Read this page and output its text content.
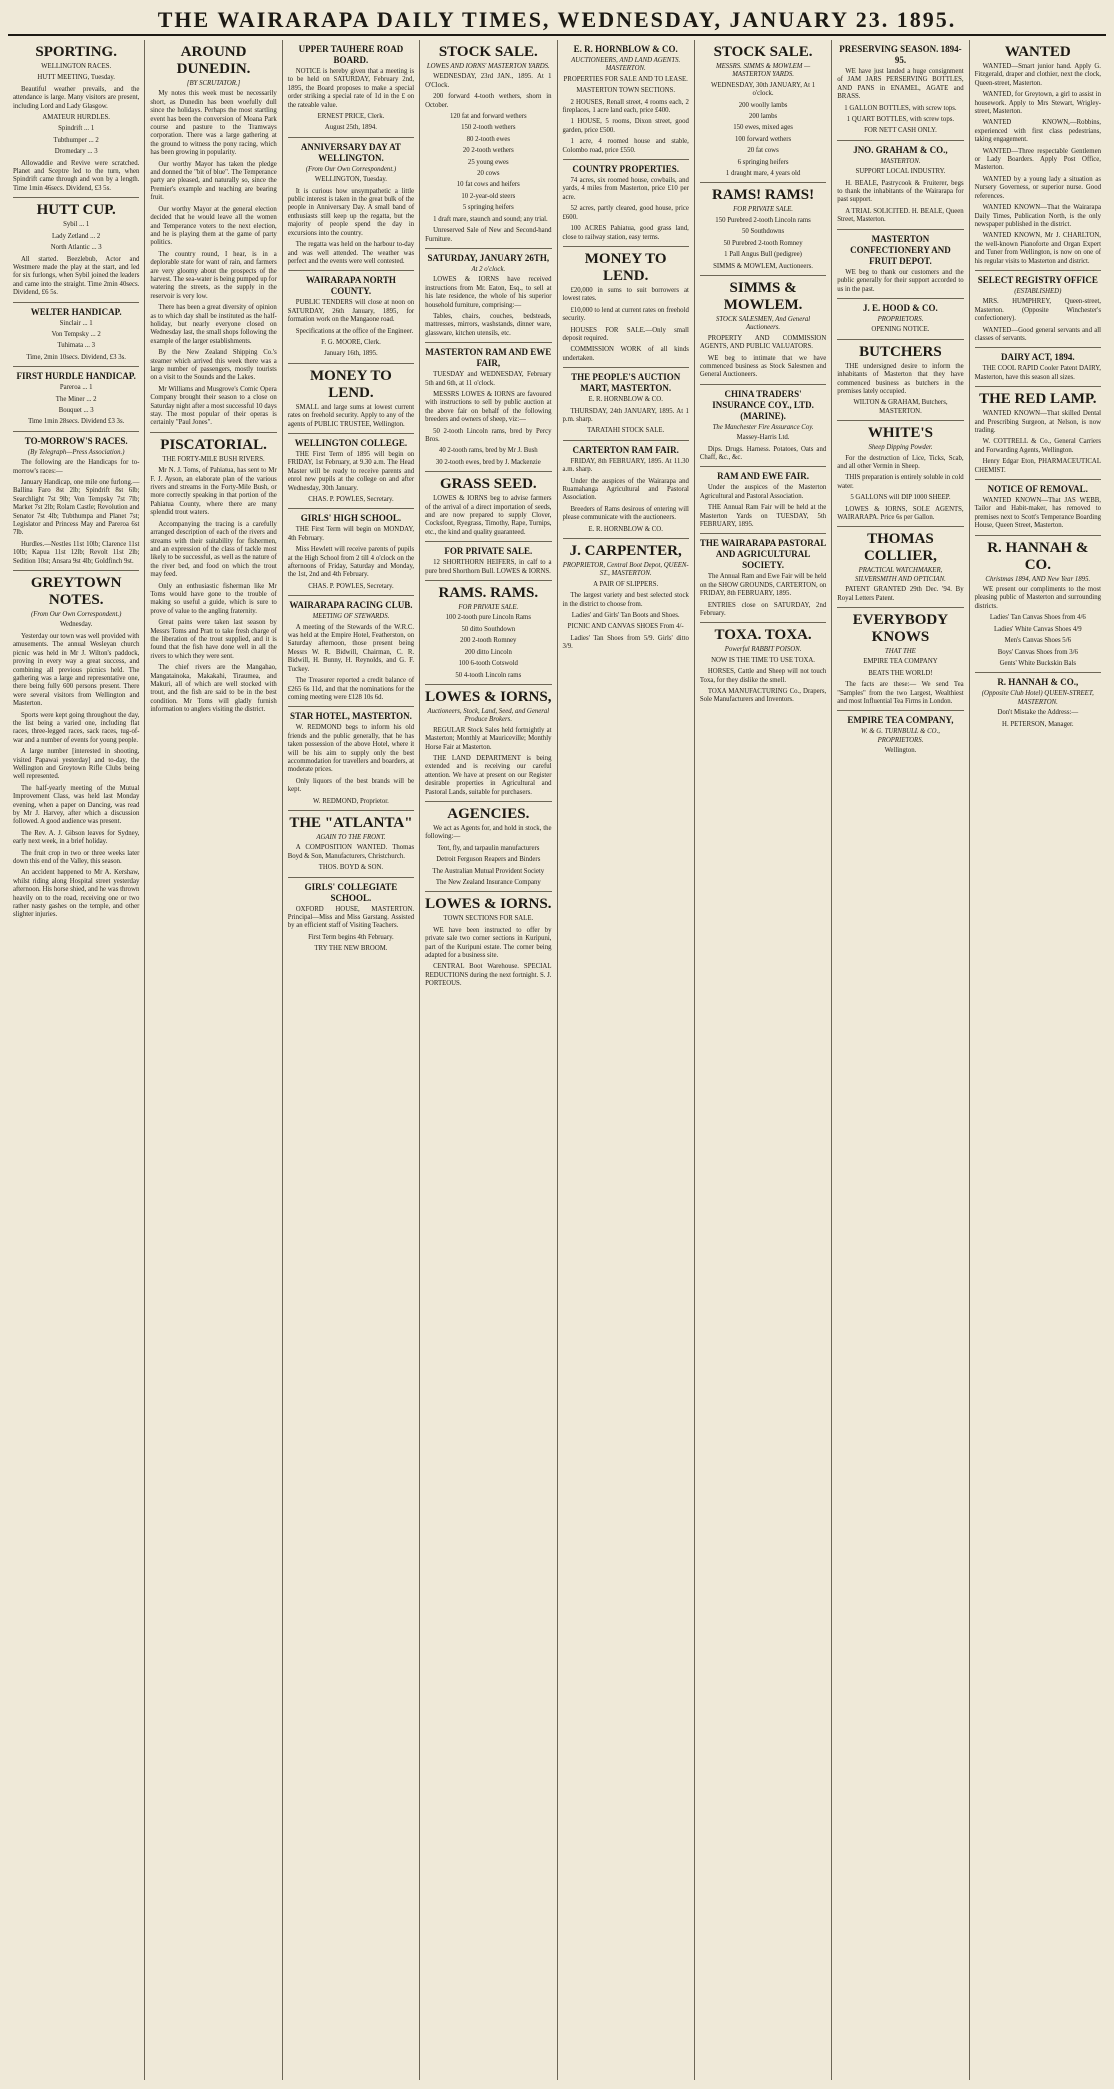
THE WAIRARAPA DAILY TIMES, WEDNESDAY, JANUARY 23. 1895.
SPORTING.

WELLINGTON RACES.

HUTT MEETING, Tuesday.

Beautiful weather prevails, and the attendance is large. Many visitors are present, including Lord and Lady Glasgow.

AMATEUR HURDLES.

Spindrift ... 1

Tubthumper ... 2

Dromedary ... 3

Allowaddie and Revive were scratched. Planet and Sceptre led to the turn, when Spindrift came through and won by a length. Time 1min 46secs. Dividend, £3 5s.

HUTT CUP.

Sybil ... 1

Lady Zetland ... 2

North Atlantic ... 3

All started. Beezlebub, Actor and Westmere made the play at the start, and led for six furlongs, when Sybil joined the leaders and came into the straight. Time 2min 40secs. Dividend, £6 5s.

WELTER HANDICAP.

Sinclair ... 1

Von Tempsky ... 2

Tuhimata ... 3

Time, 2min 10secs. Dividend, £3 3s.

FIRST HURDLE HANDICAP.

Pareroa ... 1

The Miner ... 2

Bouquet ... 3

Time 1min 28secs. Dividend £3 3s.

TO-MORROW'S RACES.
(By Telegraph—Press Association.)

The following are the Handicaps for to-morrow's races:—

January Handicap, one mile one furlong.—Ballina Faro 8st 2lb; Spindrift 8st 6lb; Searchlight 7st 9lb; Von Tempsky 7st 7lb; Market 7st 2lb; Rolam Castle; Revolution and Senator 7st 4lb; Tubthumpa and Planet 7st; Legislator and Princess May and Pareroa 6st 7lb.

Hurdles.—Nestles 11st 10lb; Clarence 11st 10lb; Kapua 11st 12lb; Revolt 11st 2lb; Sedition 10st; Ansara 9st 4lb; Goldfinch 9st.

GREYTOWN NOTES.
(From Our Own Correspondent.)

Wednesday.

Yesterday our town was well provided with amusements. The annual Wesleyan church picnic was held in Mr J. Wilton's paddock, proving in every way a great success, and combining all previous picnics held. The gathering was a large and representative one, there being fully 600 persons present. There were several visitors from Wellington and Masterton.

Sports were kept going throughout the day, the list being a varied one, including flat races, three-legged races, sack races, tug-of-war and a number of events for young people.

A large number [interested in shooting, visited Papawai yesterday] and to-day, the Wellington and Greytown Rifle Clubs being well represented.

The half-yearly meeting of the Mutual Improvement Class, was held last Monday evening, when a paper on Dancing, was read by Mr J. Harvey, after which a discussion followed. A good audience was present.

The Rev. A. J. Gibson leaves for Sydney, early next week, in a brief holiday.

The fruit crop in two or three weeks later down this end of the Valley, this season.

An accident happened to Mr A. Kershaw, whilst riding along Hospital street yesterday afternoon. His horse shied, and he was thrown heavily on to the road, receiving one or two rather nasty gashes on the temple, and other slighter injuries.

AROUND DUNEDIN.
[BY SCRUTATOR.]

My notes this week must be necessarily short, as Dunedin has been woefully dull since the holidays. Perhaps the most startling event has been the conversion of Moana Park course and pasture to the Tramways corporation. There was a large gathering at the ground to witness the pony racing, which has been growing in popularity.

Our worthy Mayor has taken the pledge and donned the "bit of blue". The Temperance party are pleased, and naturally so, since the Premier's example and teaching are bearing fruit.

Our worthy Mayor at the general election decided that he would leave all the women and Temperance voters to the next election, and he is playing them at the game of party politics.

The country round, I hear, is in a deplorable state for want of rain, and farmers are very gloomy about the prospects of the harvest. The sea-water is being pumped up for watering the streets, as the supply in the reservoir is very low.

There has been a great diversity of opinion as to which day shall be instituted as the half-holiday, but nearly everyone closed on Wednesday last, the small shops following the example of the larger establishments.

By the New Zealand Shipping Co.'s steamer which arrived this week there was a large number of passengers, mostly tourists on a visit to the Sounds and the Lakes.

Mr Williams and Musgrove's Comic Opera Company brought their season to a close on Saturday night after a most successful 10 days stay. The most popular of their operas is certainly "Paul Jones".

PISCATORIAL.

THE FORTY-MILE BUSH RIVERS.

Mr N. J. Toms, of Pahiatua, has sent to Mr F. J. Ayson, an elaborate plan of the various rivers and streams in the Forty-Mile Bush, or more correctly speaking in that portion of the Pahiatua County, where there are many splendid trout waters.

Accompanying the tracing is a carefully arranged description of each of the rivers and streams with their suitability for fishermen, and an expression of the class of tackle most likely to be successful, as well as the nature of the river bed, and food on which the trout may feed.

Only an enthusiastic fisherman like Mr Toms would have gone to the trouble of making so useful a guide, which is sure to prove of value to the angling fraternity.

Great pains were taken last season by Messrs Toms and Pratt to take fresh charge of the liberation of the trout supplied, and it is found that the fish have done well in all the rivers to which they were sent.

The chief rivers are the Mangahao, Mangatainoka, Makakahi, Tiraumea, and Makuri, all of which are well stocked with trout, and the fish are said to be in the best condition. Mr Toms will gladly furnish information to anglers visiting the district.

UPPER TAUHERE ROAD BOARD.

NOTICE is hereby given that a meeting is to be held on SATURDAY, February 2nd, 1895, the Board proposes to make a special order striking a special rate of 1d in the £ on the rateable value.

ERNEST PRICE, Clerk.

August 25th, 1894.

ANNIVERSARY DAY AT WELLINGTON.
(From Our Own Correspondent.)

WELLINGTON, Tuesday.

It is curious how unsympathetic a little public interest is taken in the great bulk of the people in Anniversary Day. A small band of enthusiasts still keep up the regatta, but the majority of people spend the day in excursions into the country.

The regatta was held on the harbour to-day and was well attended. The weather was perfect and the events were well contested.

WAIRARAPA NORTH COUNTY.

PUBLIC TENDERS will close at noon on SATURDAY, 26th January, 1895, for formation work on the Mangaone road.

Specifications at the office of the Engineer.

F. G. MOORE, Clerk.

January 16th, 1895.

MONEY TO LEND.

SMALL and large sums at lowest current rates on freehold security. Apply to any of the agents of PUBLIC TRUSTEE, Wellington.

WELLINGTON COLLEGE.

THE First Term of 1895 will begin on FRIDAY, 1st February, at 9.30 a.m. The Head Master will be ready to receive parents and enrol new pupils at the college on and after Wednesday, 30th January.

CHAS. P. POWLES, Secretary.

GIRLS' HIGH SCHOOL.

THE First Term will begin on MONDAY, 4th February.

Miss Hewlett will receive parents of pupils at the High School from 2 till 4 o'clock on the afternoons of Friday, Saturday and Monday, the 1st, 2nd and 4th February.

CHAS. P. POWLES, Secretary.

WAIRARAPA RACING CLUB.
MEETING OF STEWARDS.

A meeting of the Stewards of the W.R.C. was held at the Empire Hotel, Featherston, on Saturday afternoon, those present being Messrs W. R. Bidwill, Chairman, C. R. Bidwill, H. Bunny, H. Reynolds, and G. F. Tuckey.

The Treasurer reported a credit balance of £265 6s 11d, and that the nominations for the coming meeting were £128 10s 6d.

STAR HOTEL, MASTERTON.

W. REDMOND begs to inform his old friends and the public generally, that he has taken possession of the above Hotel, where it will be his aim to supply only the best accommodation for travellers and boarders, at moderate prices.

Only liquors of the best brands will be kept.

W. REDMOND, Proprietor.

THE "ATLANTA"
AGAIN TO THE FRONT.

A COMPOSITION WANTED. Thomas Boyd & Son, Manufacturers, Christchurch.

THOS. BOYD & SON.

GIRLS' COLLEGIATE SCHOOL.

OXFORD HOUSE, MASTERTON. Principal—Miss and Miss Garstang. Assisted by an efficient staff of Visiting Teachers.

First Term begins 4th February.

TRY THE NEW BROOM.

STOCK SALE.
LOWES AND IORNS' MASTERTON YARDS.

WEDNESDAY, 23rd JAN., 1895. At 1 O'Clock.

200 forward 4-tooth wethers, shorn in October.

120 fat and forward wethers

150 2-tooth wethers

80 2-tooth ewes

20 2-tooth wethers

25 young ewes

20 cows

10 fat cows and heifers

10 2-year-old steers

5 springing heifers

1 draft mare, staunch and sound; any trial.

Unreserved Sale of New and Second-hand Furniture.

SATURDAY, JANUARY 26TH,
At 2 o'clock.

LOWES & IORNS have received instructions from Mr. Eaton, Esq., to sell at his late residence, the whole of his superior household furniture, comprising:—

Tables, chairs, couches, bedsteads, mattresses, mirrors, washstands, dinner ware, glassware, kitchen utensils, etc.

MASTERTON RAM AND EWE FAIR,

TUESDAY and WEDNESDAY, February 5th and 6th, at 11 o'clock.

MESSRS LOWES & IORNS are favoured with instructions to sell by public auction at the above fair on behalf of the following breeders and owners of sheep, viz:—

50 2-tooth Lincoln rams, bred by Percy Bros.

40 2-tooth rams, bred by Mr J. Bush

30 2-tooth ewes, bred by J. Mackenzie

GRASS SEED.

LOWES & IORNS beg to advise farmers of the arrival of a direct importation of seeds, and are now prepared to supply Clover, Cocksfoot, Ryegrass, Timothy, Rape, Turnips, etc., the kind and quality guaranteed.

FOR PRIVATE SALE.

12 SHORTHORN HEIFERS, in calf to a pure bred Shorthorn Bull. LOWES & IORNS.

RAMS. RAMS.
FOR PRIVATE SALE.

100 2-tooth pure Lincoln Rams

50 ditto Southdown

200 2-tooth Romney

200 ditto Lincoln

100 6-tooth Cotswold

50 4-tooth Lincoln rams

LOWES & IORNS,
Auctioneers, Stock, Land, Seed, and General Produce Brokers.

REGULAR Stock Sales held fortnightly at Masterton; Monthly at Mauriceville; Monthly Horse Fair at Masterton.

THE LAND DEPARTMENT is being extended and is receiving our careful attention. We have at present on our Register desirable properties in Agricultural and Pastoral Lands, suitable for purchasers.

AGENCIES.

We act as Agents for, and hold in stock, the following:—

Tent, fly, and tarpaulin manufacturers

Detroit Ferguson Reapers and Binders

The Australian Mutual Provident Society

The New Zealand Insurance Company

LOWES & IORNS.

TOWN SECTIONS FOR SALE.

WE have been instructed to offer by private sale two corner sections in Kuripuni, part of the Kuripuni estate. The corner being adapted for a business site.

CENTRAL Boot Warehouse. SPECIAL REDUCTIONS during the next fortnight. S. J. PORTEOUS.

E. R. HORNBLOW & CO.
AUCTIONEERS, AND LAND AGENTS. MASTERTON.

PROPERTIES FOR SALE AND TO LEASE.

MASTERTON TOWN SECTIONS.

2 HOUSES, Renall street, 4 rooms each, 2 fireplaces, 1 acre land each, price £400.

1 HOUSE, 5 rooms, Dixon street, good garden, price £500.

1 acre, 4 roomed house and stable, Colombo road, price £550.

COUNTRY PROPERTIES.

74 acres, six roomed house, cowbails, and yards, 4 miles from Masterton, price £10 per acre.

52 acres, partly cleared, good house, price £600.

100 ACRES Pahiatua, good grass land, close to railway station, easy terms.

MONEY TO LEND.

£20,000 in sums to suit borrowers at lowest rates.

£10,000 to lend at current rates on freehold security.

HOUSES FOR SALE.—Only small deposit required.

COMMISSION WORK of all kinds undertaken.

THE PEOPLE'S AUCTION MART, MASTERTON.

E. R. HORNBLOW & CO.

THURSDAY, 24th JANUARY, 1895. At 1 p.m. sharp.

TARATAHI STOCK SALE.

CARTERTON RAM FAIR.

FRIDAY, 8th FEBRUARY, 1895. At 11.30 a.m. sharp.

Under the auspices of the Wairarapa and Ruamahanga Agricultural and Pastoral Association.

Breeders of Rams desirous of entering will please communicate with the auctioneers.

E. R. HORNBLOW & CO.

J. CARPENTER,
PROPRIETOR, Central Boot Depot, QUEEN-ST., MASTERTON.

A PAIR OF SLIPPERS.

The largest variety and best selected stock in the district to choose from.

Ladies' and Girls' Tan Boots and Shoes.

PICNIC AND CANVAS SHOES From 4/-

Ladies' Tan Shoes from 5/9. Girls' ditto 3/9.

STOCK SALE.
MESSRS. SIMMS & MOWLEM — MASTERTON YARDS.

WEDNESDAY, 30th JANUARY, At 1 o'clock.

200 woolly lambs

200 lambs

150 ewes, mixed ages

100 forward wethers

20 fat cows

6 springing heifers

1 draught mare, 4 years old

RAMS! RAMS!
FOR PRIVATE SALE.

150 Purebred 2-tooth Lincoln rams

50 Southdowns

50 Purebred 2-tooth Romney

1 Pall Angus Bull (pedigree)

SIMMS & MOWLEM, Auctioneers.

SIMMS & MOWLEM.
STOCK SALESMEN, And General Auctioneers.

PROPERTY AND COMMISSION AGENTS, AND PUBLIC VALUATORS.

WE beg to intimate that we have commenced business as Stock Salesmen and General Auctioneers.

CHINA TRADERS' INSURANCE COY., LTD. (MARINE).
The Manchester Fire Assurance Coy.

Massey-Harris Ltd.

Dips. Drugs. Harness. Potatoes, Oats and Chaff, &c., &c.

RAM AND EWE FAIR.

Under the auspices of the Masterton Agricultural and Pastoral Association.

THE Annual Ram Fair will be held at the Masterton Yards on TUESDAY, 5th FEBRUARY, 1895.

THE WAIRARAPA PASTORAL AND AGRICULTURAL SOCIETY.

The Annual Ram and Ewe Fair will be held on the SHOW GROUNDS, CARTERTON, on FRIDAY, 8th FEBRUARY, 1895.

ENTRIES close on SATURDAY, 2nd February.

TOXA. TOXA.
Powerful RABBIT POISON.

NOW IS THE TIME TO USE TOXA.

HORSES, Cattle and Sheep will not touch Toxa, for they dislike the smell.

TOXA MANUFACTURING Co., Drapers, Sole Manufacturers and Inventors.

PRESERVING SEASON. 1894-95.

WE have just landed a huge consignment of JAM JARS PERSERVING BOTTLES, AND PANS in ENAMEL, AGATE and BRASS.

1 GALLON BOTTLES, with screw tops.

1 QUART BOTTLES, with screw tops.

FOR NETT CASH ONLY.

JNO. GRAHAM & CO.,
MASTERTON.

SUPPORT LOCAL INDUSTRY.

H. BEALE, Pastrycook & Fruiterer, begs to thank the inhabitants of the Wairarapa for past support.

A TRIAL SOLICITED. H. BEALE, Queen Street, Masterton.

MASTERTON CONFECTIONERY AND FRUIT DEPOT.

WE beg to thank our customers and the public generally for their support accorded to us in the past.

J. E. HOOD & CO.
PROPRIETORS.

OPENING NOTICE.

BUTCHERS

THE undersigned desire to inform the inhabitants of Masterton that they have commenced business as butchers in the premises lately occupied.

WILTON & GRAHAM, Butchers, MASTERTON.

WHITE'S
Sheep Dipping Powder.

For the destruction of Lice, Ticks, Scab, and all other Vermin in Sheep.

THIS preparation is entirely soluble in cold water.

5 GALLONS will DIP 1000 SHEEP.

LOWES & IORNS, SOLE AGENTS, WAIRARAPA. Price 6s per Gallon.

THOMAS COLLIER,
PRACTICAL WATCHMAKER, SILVERSMITH AND OPTICIAN.

PATENT GRANTED 29th Dec. '94. By Royal Letters Patent.

EVERYBODY KNOWS
THAT THE

EMPIRE TEA COMPANY

BEATS THE WORLD!

The facts are these:— We send Tea "Samples" from the two Largest, Wealthiest and most Influential Tea Firms in London.

EMPIRE TEA COMPANY,
W. & G. TURNBULL & CO., PROPRIETORS.

Wellington.

WANTED

WANTED—Smart junior hand. Apply G. Fitzgerald, draper and clothier, next the clock, Queen-street, Masterton.

WANTED, for Greytown, a girl to assist in housework. Apply to Mrs Stewart, Wrigley-street, Masterton.

WANTED KNOWN,—Robbins, experienced with first class pedestrians, taking engagement.

WANTED—Three respectable Gentlemen or Lady Boarders. Apply Post Office, Masterton.

WANTED by a young lady a situation as Nursery Governess, or superior nurse. Good references.

WANTED KNOWN—That the Wairarapa Daily Times, Publication North, is the only newspaper published in the district.

WANTED KNOWN, Mr J. CHARLTON, the well-known Pianoforte and Organ Expert and Tuner from Wellington, is now on one of his regular visits to Masterton and district.

SELECT REGISTRY OFFICE
(ESTABLISHED)

MRS. HUMPHREY, Queen-street, Masterton. (Opposite Winchester's confectionery).

WANTED—Good general servants and all classes of servants.

DAIRY ACT, 1894.

THE COOL RAPID Cooler Patent DAIRY, Masterton, have this season all sizes.

THE RED LAMP.

WANTED KNOWN—That skilled Dental and Prescribing Surgeon, at Nelson, is now trading.

W. COTTRELL & Co., General Carriers and Forwarding Agents, Wellington.

Henry Edgar Eton, PHARMACEUTICAL CHEMIST.

NOTICE OF REMOVAL.

WANTED KNOWN—That JAS WEBB, Tailor and Habit-maker, has removed to premises next to Scott's Temperance Boarding House, Queen Street, Masterton.

R. HANNAH & CO.
Christmas 1894, AND New Year 1895.

WE present our compliments to the most pleasing public of Masterton and surrounding districts.

Ladies' Tan Canvas Shoes from 4/6

Ladies' White Canvas Shoes 4/9

Men's Canvas Shoes 5/6

Boys' Canvas Shoes from 3/6

Gents' White Buckskin Bals

R. HANNAH & CO.,
(Opposite Club Hotel) QUEEN-STREET, MASTERTON.

Don't Mistake the Address:—

H. PETERSON, Manager.
